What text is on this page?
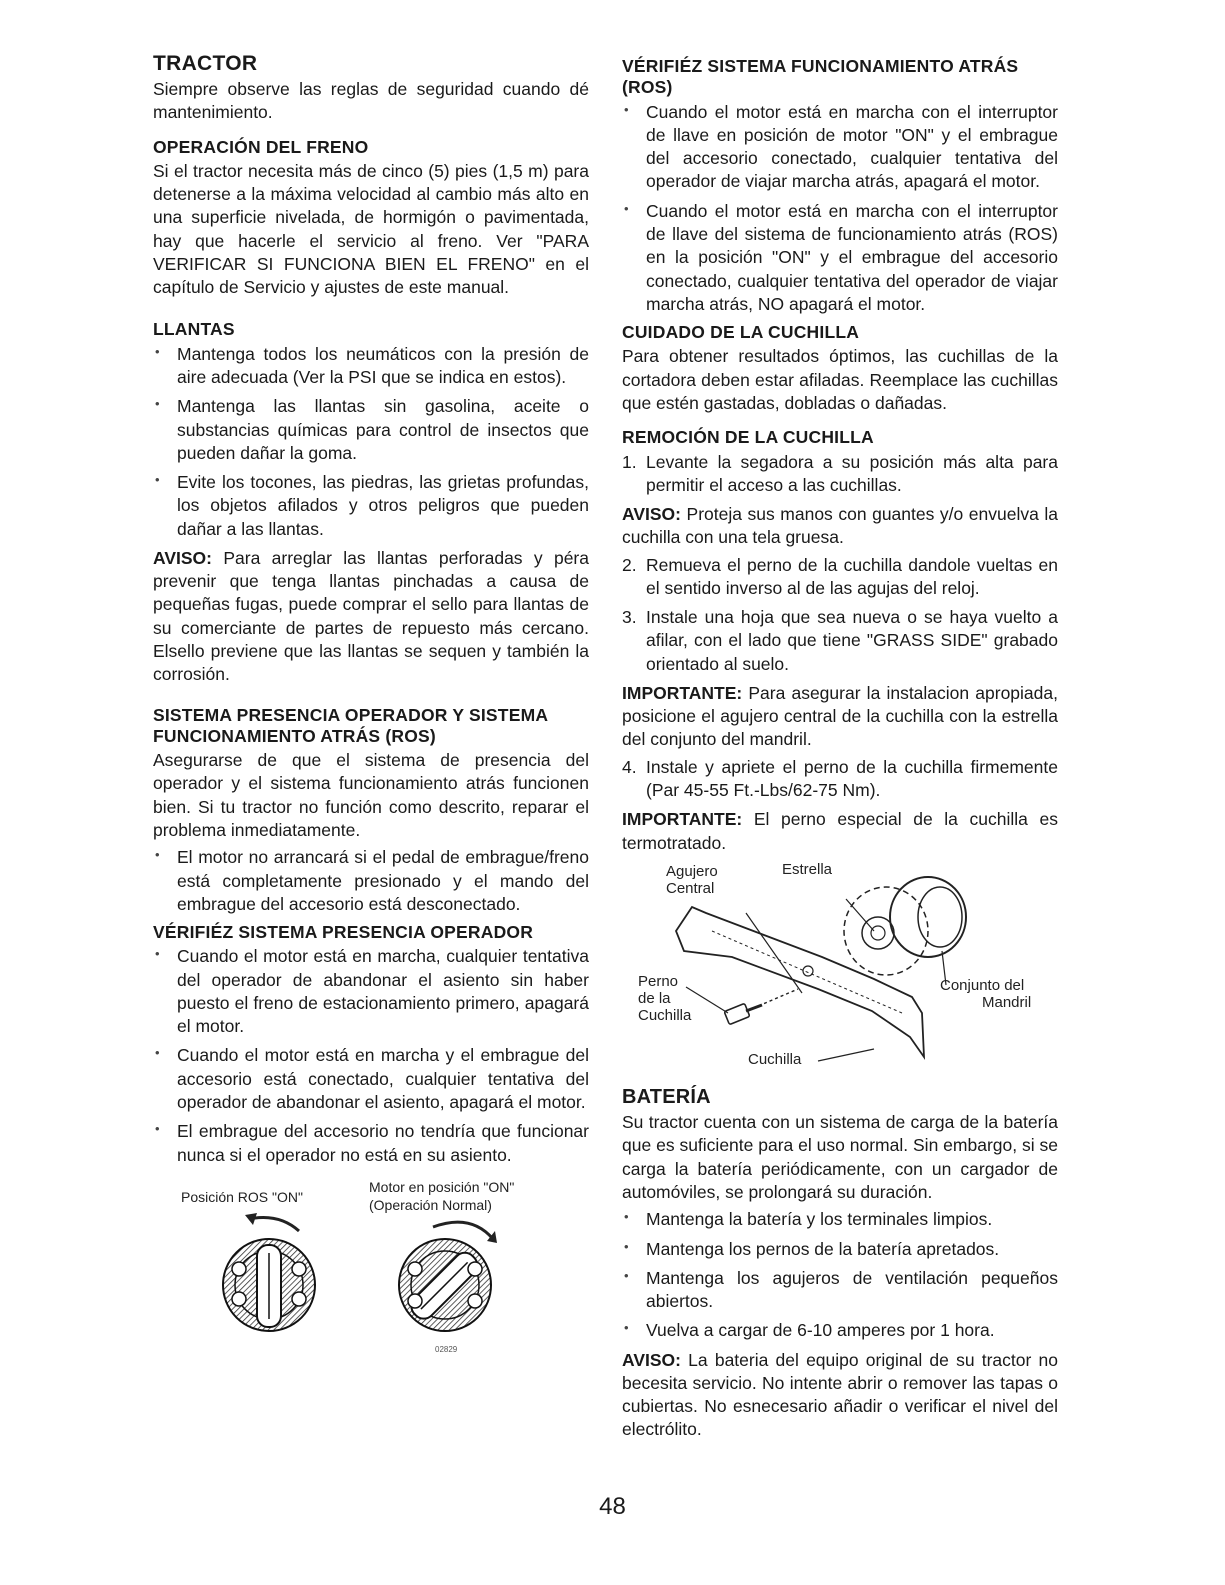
TRACTOR

Siempre observe las reglas de seguridad cuando dé mantenimiento.

OPERACIÓN DEL FRENO

Si el tractor necesita más de cinco (5) pies (1,5 m) para detenerse a la máxima velocidad al cambio más alto en una superficie nivelada, de hormigón o pavimentada, hay que hacerle el servicio al freno. Ver "PARA VERIFICAR SI FUNCIONA BIEN EL FRENO" en el capítulo de Servicio y ajustes de este manual.

LLANTAS
• Mantenga todos los neumáticos con la presión de aire adecuada (Ver la PSI que se indica en estos).
• Mantenga las llantas sin gasolina, aceite o substancias químicas para control de insectos que pueden dañar la goma.
• Evite los tocones, las piedras, las grietas profundas, los objetos afilados y otros peligros que pueden dañar a las llantas.

AVISO: Para arreglar las llantas perforadas y péra prevenir que tenga llantas pinchadas a causa de pequeñas fugas, puede comprar el sello para llantas de su comerciante de partes de repuesto más cercano. Elsello previene que las llantas se sequen y también la corrosión.

SISTEMA PRESENCIA OPERADOR Y SISTEMA FUNCIONAMIENTO ATRÁS (ROS)

Asegurarse de que el sistema de presencia del operador y el sistema funcionamiento atrás funcionen bien. Si tu tractor no función como descrito, reparar el problema inmediatamente.

• El motor no arrancará si el pedal de embrague/freno está completamente presionado y el mando del embrague del accesorio está desconectado.
VÉRIFIÉZ SISTEMA PRESENCIA OPERADOR
• Cuando el motor está en marcha, cualquier tentativa del operador de abandonar el asiento sin haber puesto el freno de estacionamiento primero, apagará el motor.
• Cuando el motor está en marcha y el embrague del accesorio está conectado, cualquier tentativa del operador de abandonar el asiento, apagará el motor.
• El embrague del accesorio no tendría que funcionar nunca si el operador no está en su asiento.
Posición ROS "ON"
Motor en posición "ON"
(Operación Normal)
02829
VÉRIFIÉZ SISTEMA FUNCIONAMIENTO ATRÁS (ROS)
• Cuando el motor está en marcha con el interruptor de llave en posición de motor "ON" y el embrague del accesorio conectado, cualquier tentativa del operador de viajar marcha atrás, apagará el motor.
• Cuando el motor está en marcha con el interruptor de llave del sistema de funcionamiento atrás (ROS) en la posición "ON" y el embrague del accesorio conectado, cualquier tentativa del operador de viajar marcha atrás, NO apagará el motor.
CUIDADO DE LA CUCHILLA

Para obtener resultados óptimos, las cuchillas de la cortadora deben estar afiladas. Reemplace las cuchillas que estén gastadas, dobladas o dañadas.

REMOCIÓN DE LA CUCHILLA
1. Levante la segadora a su posición más alta para permitir el acceso a las cuchillas.

AVISO: Proteja sus manos con guantes y/o envuelva la cuchilla con una tela gruesa.

2. Remueva el perno de la cuchilla dandole vueltas en el sentido inverso al de las agujas del reloj.
3. Instale una hoja que sea nueva o se haya vuelto a afilar, con el lado que tiene "GRASS SIDE" grabado orientado al suelo.

IMPORTANTE: Para asegurar la instalacion apropiada, posicione el agujero central de la cuchilla con la estrella del conjunto del mandril.

4. Instale y apriete el perno de la cuchilla firmemente (Par 45-55 Ft.-Lbs/62-75 Nm).

IMPORTANTE: El perno especial de la cuchilla es termotratado.

Agujero
Central
Estrella
Perno
de la
Cuchilla
Conjunto del
Mandril
Cuchilla
BATERÍA

Su tractor cuenta con un sistema de carga de la batería que es suficiente para el uso normal. Sin embargo, si se carga la batería periódicamente, con un cargador de automóviles, se prolongará su duración.

• Mantenga la batería y los terminales limpios.
• Mantenga los pernos de la batería apretados.
• Mantenga los agujeros de ventilación pequeños abiertos.
• Vuelva a cargar de 6-10 amperes por 1 hora.

AVISO: La bateria del equipo original de su tractor no becesita servicio. No intente abrir o remover las tapas o cubiertas. No esnecesario añadir o verificar el nivel del electrólito.

48
